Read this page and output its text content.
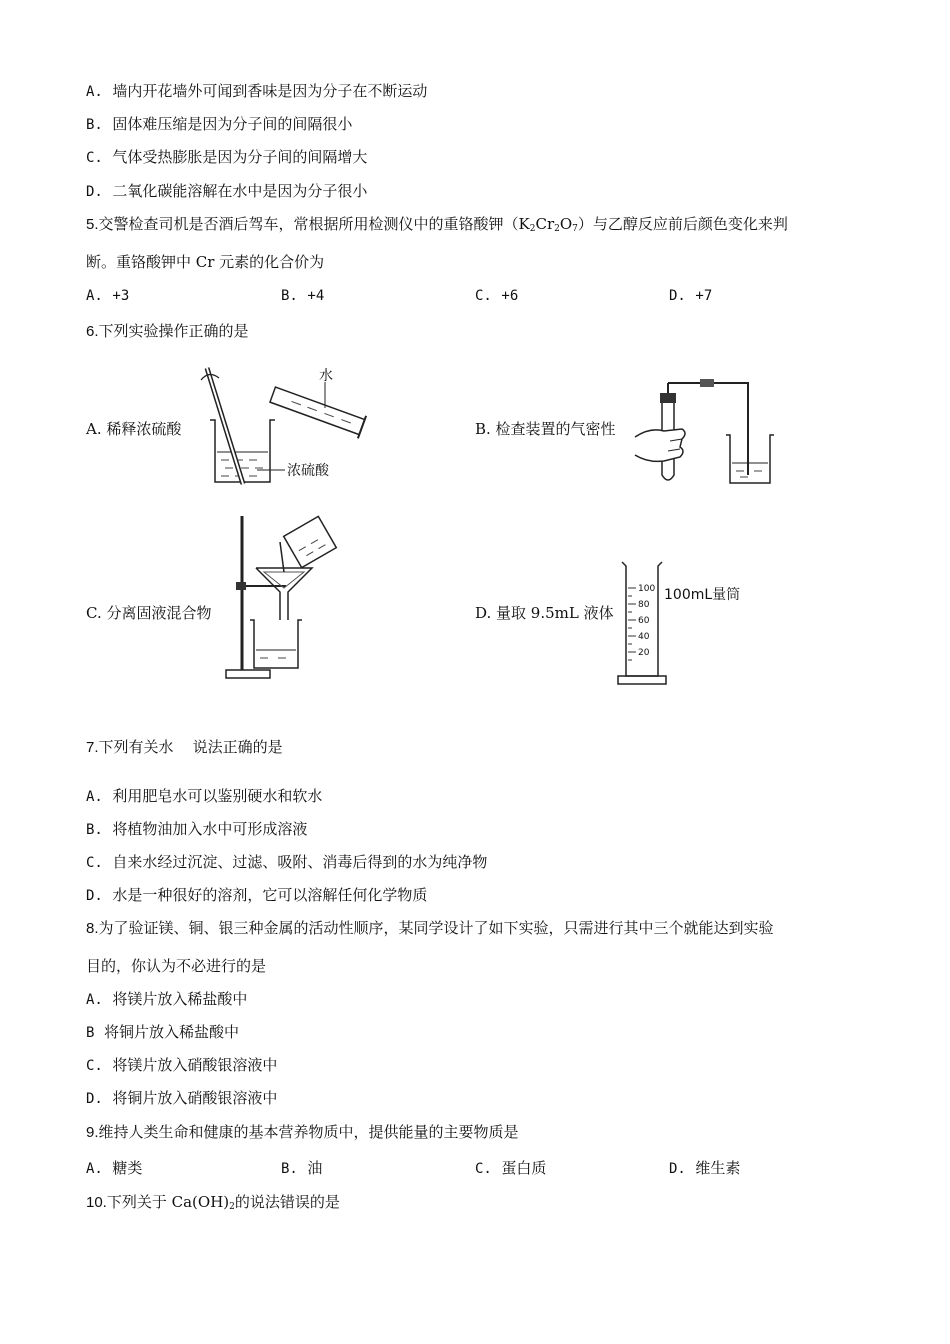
A. 墙内开花墙外可闻到香味是因为分子在不断运动
B. 固体难压缩是因为分子间的间隔很小
C. 气体受热膨胀是因为分子间的间隔增大
D. 二氧化碳能溶解在水中是因为分子很小
5.交警检查司机是否酒后驾车，常根据所用检测仪中的重铬酸钾$(K_2Cr_2O_7)$与乙醇反应前后颜色变化来判
断。重铬酸钾中 Cr 元素的化合价为
A. +3	B. +4	C. +6	D. +7
6.下列实验操作正确的是
A. 稀释浓硫酸
水
浓硫酸
B. 检查装置的气密性
C. 分离固液混合物	D. 量取 9.5mL 液体
100
80
60
40
20
100mL量筒
7.下列有关水    说法正确的是
A. 利用肥皂水可以鉴别硬水和软水
B. 将植物油加入水中可形成溶液
C. 自来水经过沉淀、过滤、吸附、消毒后得到的水为纯净物
D. 水是一种很好的溶剂，它可以溶解任何化学物质
8.为了验证镁、铜、银三种金属的活动性顺序，某同学设计了如下实验，只需进行其中三个就能达到实验
目的，你认为不必进行的是
A. 将镁片放入稀盐酸中
B 将铜片放入稀盐酸中
C. 将镁片放入硝酸银溶液中
D. 将铜片放入硝酸银溶液中
9.维持人类生命和健康的基本营养物质中，提供能量的主要物质是
A. 糖类	B. 油	C. 蛋白质	D. 维生素
10.下列关于 $Ca(OH)_2$的说法错误的是
